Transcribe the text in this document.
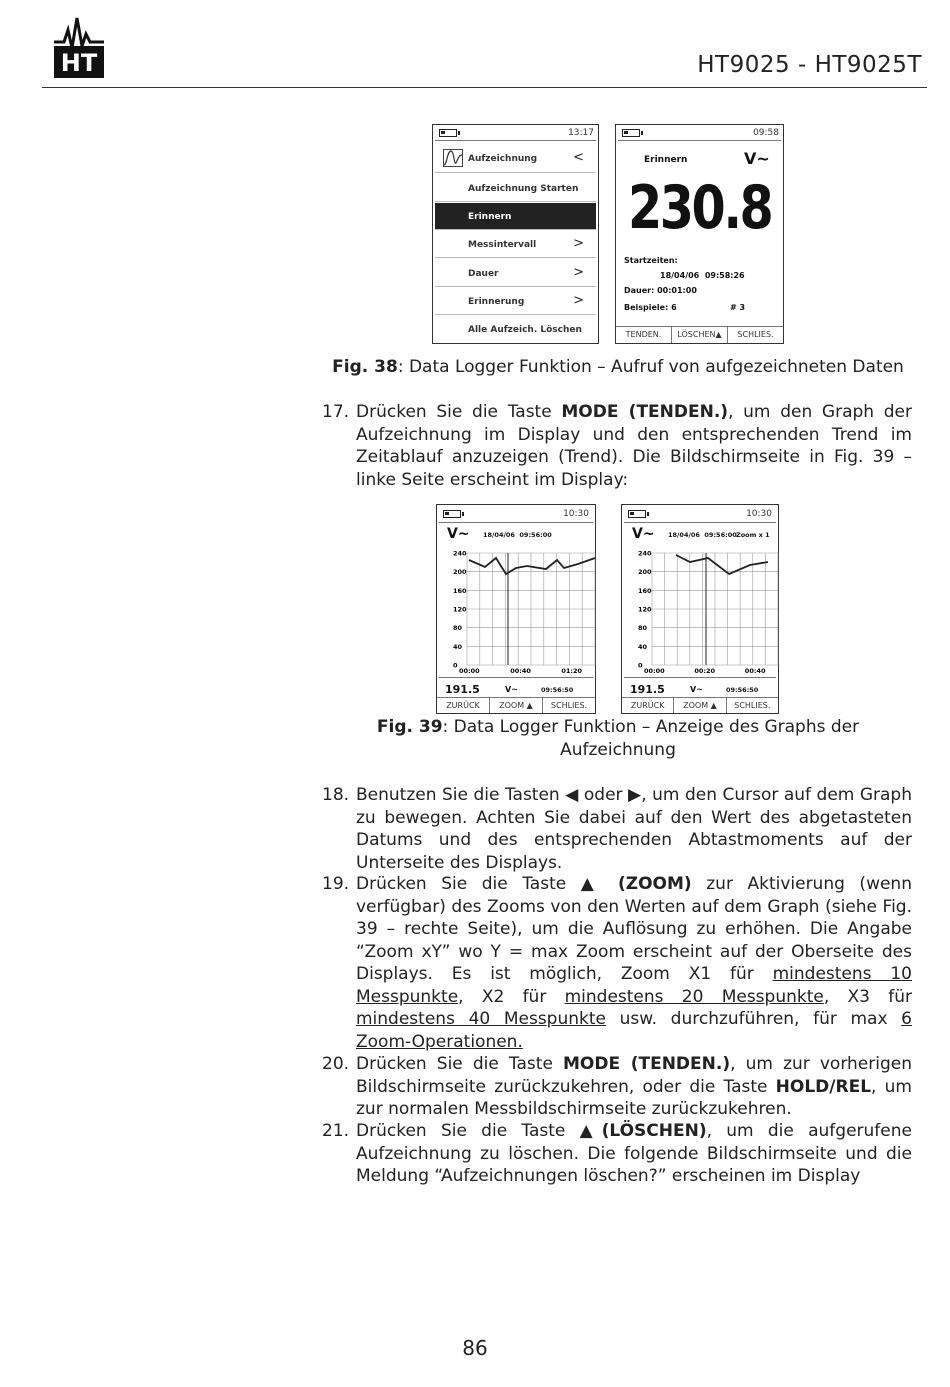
HT	HT9025 - HT9025T
13:17
Aufzeichnung	<
Aufzeichnung Starten
Erinnern
Messintervall	>
Dauer	>
Erinnerung	>
Alle Aufzeich. Löschen
09:58
Erinnern	V~
230.8
Startzeiten:
18/04/06  09:58:26
Dauer: 00:01:00
Beispiele: 6	# 3
TENDEN.	LÖSCHEN▲	SCHLIES.
Fig. 38: Data Logger Funktion – Aufruf von aufgezeichneten Daten
17. Drücken Sie die Taste MODE (TENDEN.), um den Graph der Aufzeichnung im Display und den entsprechenden Trend im Zeitablauf anzuzeigen (Trend). Die Bildschirmseite in Fig. 39 – linke Seite erscheint im Display:
10:30
V~ 18/04/06  09:56:00
240
200
160
120
80
40
0
00:00	00:40	01:20
191.5	V~	09:56:50
ZURÜCK	ZOOM ▲	SCHLIES.
10:30
V~ 18/04/06  09:56:00 Zoom x 1
240
200
160
120
80
40
0
00:00	00:20	00:40
191.5	V~	09:56:50
ZURÜCK	ZOOM ▲	SCHLIES.
Fig. 39: Data Logger Funktion – Anzeige des Graphs der
Aufzeichnung
18. Benutzen Sie die Tasten ◀ oder ▶, um den Cursor auf dem Graph zu bewegen. Achten Sie dabei auf den Wert des abgetasteten Datums und des entsprechenden Abtastmoments auf der Unterseite des Displays.
19. Drücken Sie die Taste ▲ (ZOOM) zur Aktivierung (wenn verfügbar) des Zooms von den Werten auf dem Graph (siehe Fig. 39 – rechte Seite), um die Auflösung zu erhöhen. Die Angabe “Zoom xY” wo Y = max Zoom erscheint auf der Oberseite des Displays. Es ist möglich, Zoom X1 für mindestens 10 Messpunkte, X2 für mindestens 20 Messpunkte, X3 für mindestens 40 Messpunkte usw. durchzuführen, für max 6 Zoom-Operationen.
20. Drücken Sie die Taste MODE (TENDEN.), um zur vorherigen Bildschirmseite zurückzukehren, oder die Taste HOLD/REL, um zur normalen Messbildschirmseite zurückzukehren.
21. Drücken Sie die Taste ▲(LÖSCHEN), um die aufgerufene Aufzeichnung zu löschen. Die folgende Bildschirmseite und die Meldung “Aufzeichnungen löschen?” erscheinen im Display
86
